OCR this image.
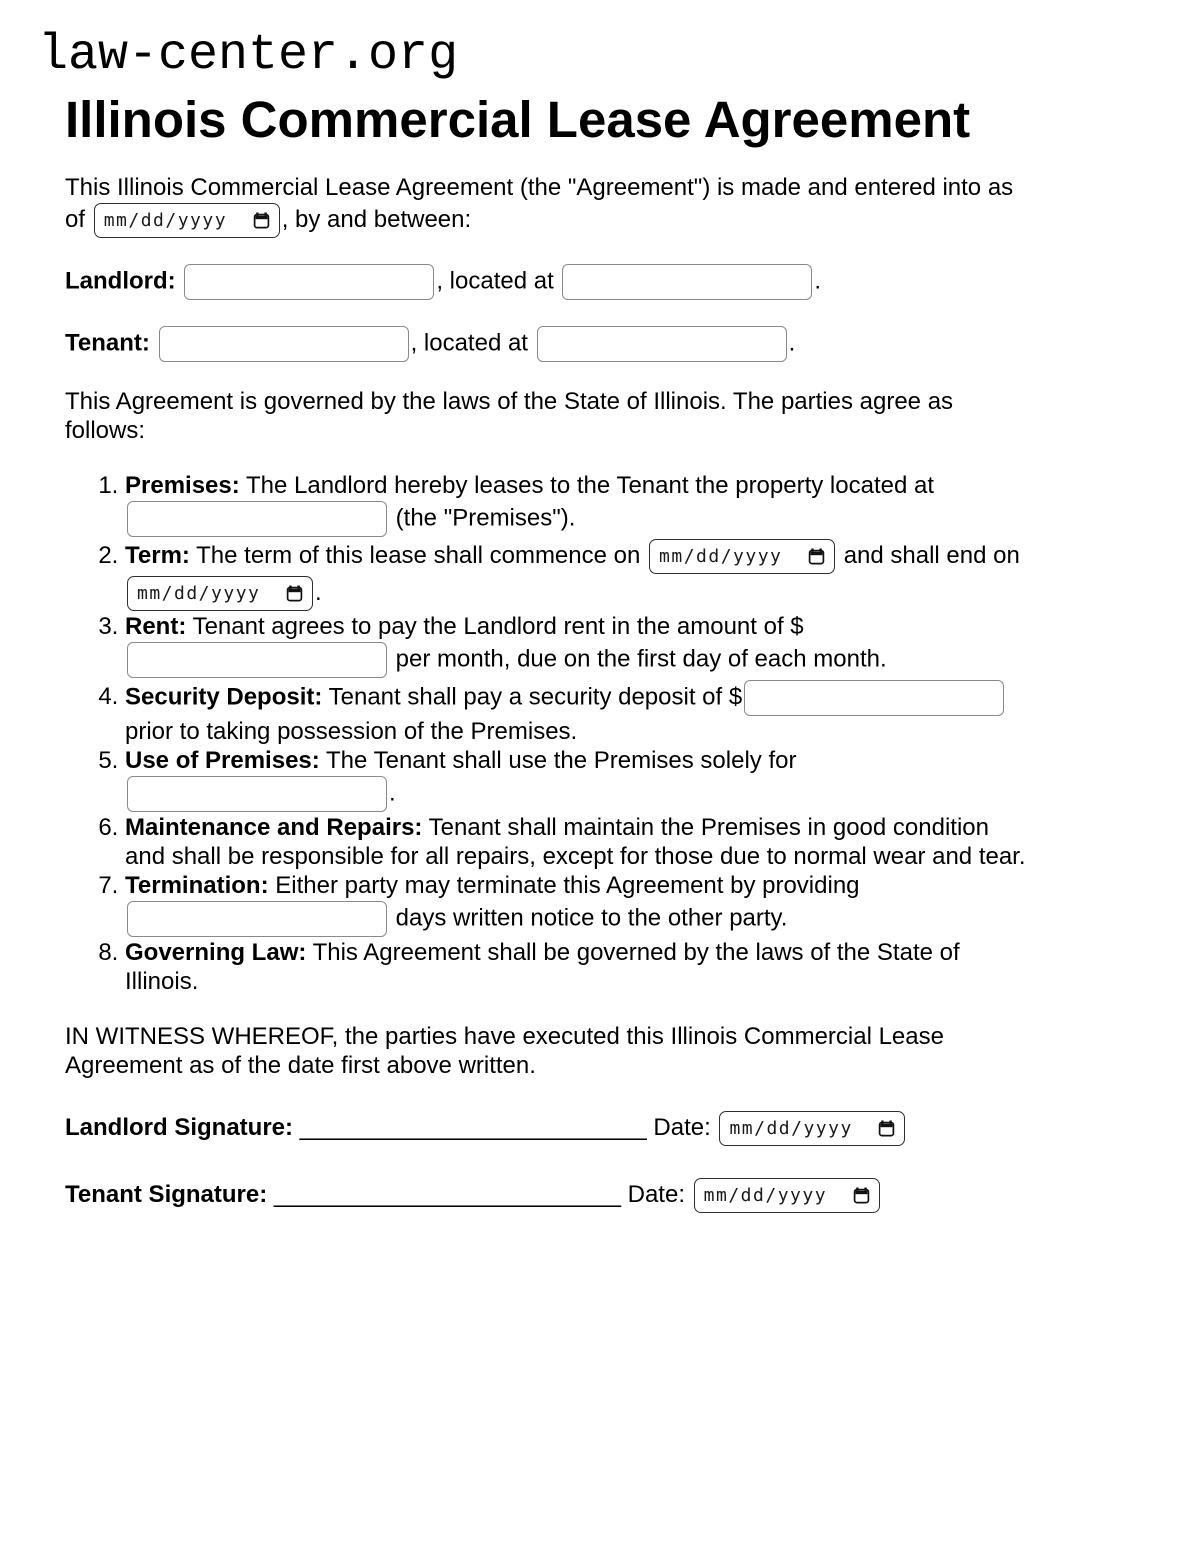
law-center.org
Illinois Commercial Lease Agreement

This Illinois Commercial Lease Agreement (the "Agreement") is made and entered into as
of mm/dd/yyyy , by and between:

Landlord:	, located at	.

Tenant:	, located at	.

This Agreement is governed by the laws of the State of Illinois. The parties agree as
follows:

1. Premises: The Landlord hereby leases to the Tenant the property located at
(the "Premises").
2. Term: The term of this lease shall commence on mm/dd/yyyy	and shall end on

mm/dd/yyyy .
3. Rent: Tenant agrees to pay the Landlord rent in the amount of $
per month, due on the first day of each month.
4. Security Deposit: Tenant shall pay a security deposit of $
prior to taking possession of the Premises.
5. Use of Premises: The Tenant shall use the Premises solely for
.
6. Maintenance and Repairs: Tenant shall maintain the Premises in good condition
and shall be responsible for all repairs, except for those due to normal wear and tear.
7. Termination: Either party may terminate this Agreement by providing
days written notice to the other party.
8. Governing Law: This Agreement shall be governed by the laws of the State of
Illinois.

IN WITNESS WHEREOF, the parties have executed this Illinois Commercial Lease
Agreement as of the date first above written.

Landlord Signature: __________________________ Date: mm/dd/yyyy

Tenant Signature: __________________________ Date: mm/dd/yyyy
